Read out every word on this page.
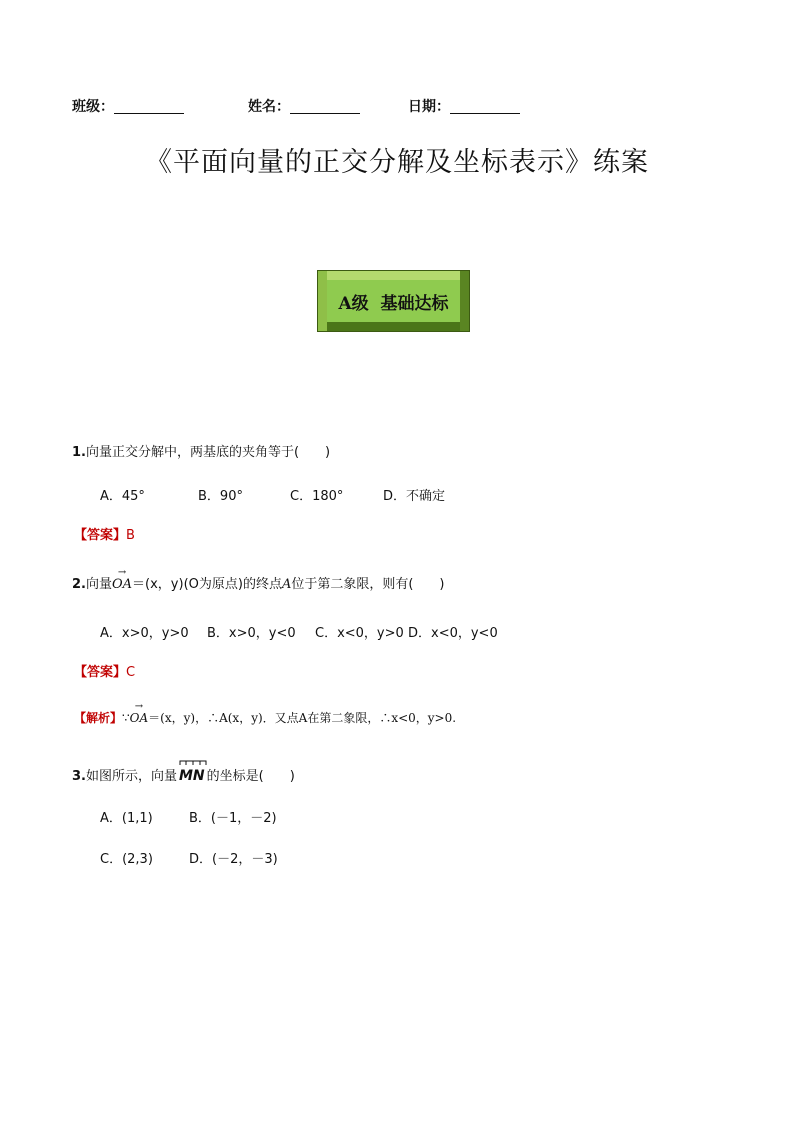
班级：	姓名：	日期：
《平面向量的正交分解及坐标表示》练案
A级  基础达标
1.向量正交分解中，两基底的夹角等于(　　)
A．45°	B．90°	C．180°	D．不确定
【答案】B
2.向量
→
OA＝(x，y)(O为原点)的终点A位于第二象限，则有(　　)
A．x>0，y>0 B．x>0，y<0 C．x<0，y>0 D．x<0，y<0
【答案】C
【解析】∵
→
OA＝(x，y)，∴A(x，y)．又点A在第二象限，∴x<0，y>0.
3.如图所示，向量 MN 的坐标是(　　)
A．(1,1)	B．(－1，－2)
C．(2,3)	D．(－2，－3)
